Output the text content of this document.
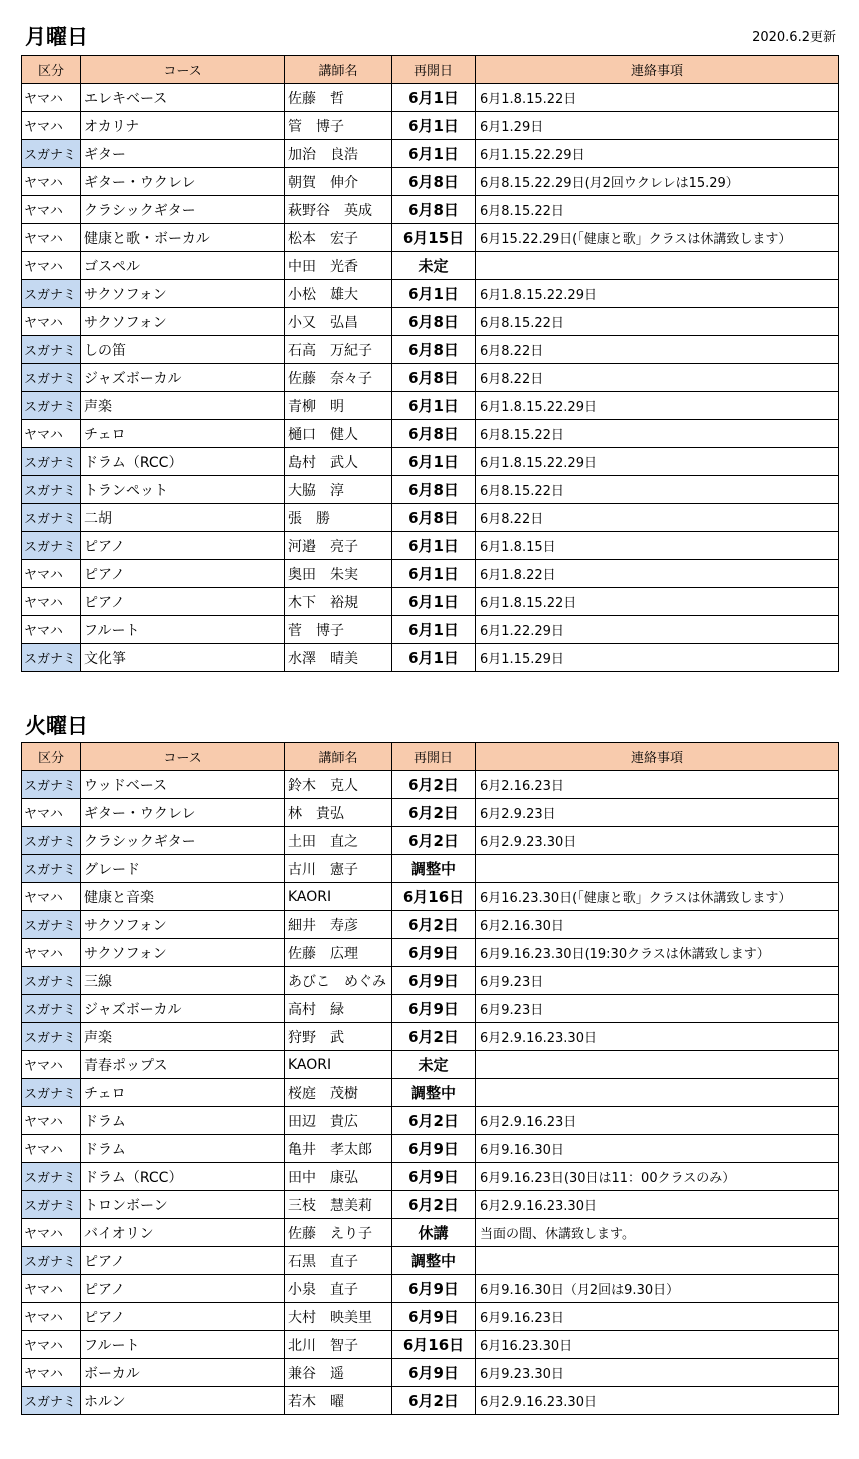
月曜日	2020.6.2更新
区分	コース	講師名	再開日	連絡事項
ヤマハ	エレキベース	佐藤　哲	6月1日	6月1.8.15.22日
ヤマハ	オカリナ	管　博子	6月1日	6月1.29日
スガナミ	ギター	加治　良浩	6月1日	6月1.15.22.29日
ヤマハ	ギター・ウクレレ	朝賀　伸介	6月8日	6月8.15.22.29日(月2回ウクレレは15.29）
ヤマハ	クラシックギター	萩野谷　英成	6月8日	6月8.15.22日
ヤマハ	健康と歌・ボーカル	松本　宏子	6月15日	6月15.22.29日(「健康と歌」クラスは休講致します）
ヤマハ	ゴスペル	中田　光香	未定	
スガナミ	サクソフォン	小松　雄大	6月1日	6月1.8.15.22.29日
ヤマハ	サクソフォン	小又　弘昌	6月8日	6月8.15.22日
スガナミ	しの笛	石高　万紀子	6月8日	6月8.22日
スガナミ	ジャズボーカル	佐藤　奈々子	6月8日	6月8.22日
スガナミ	声楽	青柳　明	6月1日	6月1.8.15.22.29日
ヤマハ	チェロ	樋口　健人	6月8日	6月8.15.22日
スガナミ	ドラム（RCC）	島村　武人	6月1日	6月1.8.15.22.29日
スガナミ	トランペット	大脇　淳	6月8日	6月8.15.22日
スガナミ	二胡	張　勝	6月8日	6月8.22日
スガナミ	ピアノ	河邉　亮子	6月1日	6月1.8.15日
ヤマハ	ピアノ	奥田　朱実	6月1日	6月1.8.22日
ヤマハ	ピアノ	木下　裕規	6月1日	6月1.8.15.22日
ヤマハ	フルート	菅　博子	6月1日	6月1.22.29日
スガナミ	文化箏	水澤　晴美	6月1日	6月1.15.29日
火曜日
区分	コース	講師名	再開日	連絡事項
スガナミ	ウッドベース	鈴木　克人	6月2日	6月2.16.23日
ヤマハ	ギター・ウクレレ	林　貴弘	6月2日	6月2.9.23日
スガナミ	クラシックギター	土田　直之	6月2日	6月2.9.23.30日
スガナミ	グレード	古川　憲子	調整中	
ヤマハ	健康と音楽	KAORI	6月16日	6月16.23.30日(「健康と歌」クラスは休講致します）
スガナミ	サクソフォン	細井　寿彦	6月2日	6月2.16.30日
ヤマハ	サクソフォン	佐藤　広理	6月9日	6月9.16.23.30日(19:30クラスは休講致します）
スガナミ	三線	あびこ　めぐみ	6月9日	6月9.23日
スガナミ	ジャズボーカル	高村　緑	6月9日	6月9.23日
スガナミ	声楽	狩野　武	6月2日	6月2.9.16.23.30日
ヤマハ	青春ポップス	KAORI	未定	
スガナミ	チェロ	桜庭　茂樹	調整中	
ヤマハ	ドラム	田辺　貴広	6月2日	6月2.9.16.23日
ヤマハ	ドラム	亀井　孝太郎	6月9日	6月9.16.30日
スガナミ	ドラム（RCC）	田中　康弘	6月9日	6月9.16.23日(30日は11：00クラスのみ）
スガナミ	トロンボーン	三枝　慧美莉	6月2日	6月2.9.16.23.30日
ヤマハ	バイオリン	佐藤　えり子	休講	当面の間、休講致します。
スガナミ	ピアノ	石黒　直子	調整中	
ヤマハ	ピアノ	小泉　直子	6月9日	6月9.16.30日（月2回は9.30日）
ヤマハ	ピアノ	大村　映美里	6月9日	6月9.16.23日
ヤマハ	フルート	北川　智子	6月16日	6月16.23.30日
ヤマハ	ボーカル	兼谷　遥	6月9日	6月9.23.30日
スガナミ	ホルン	若木　曜	6月2日	6月2.9.16.23.30日
